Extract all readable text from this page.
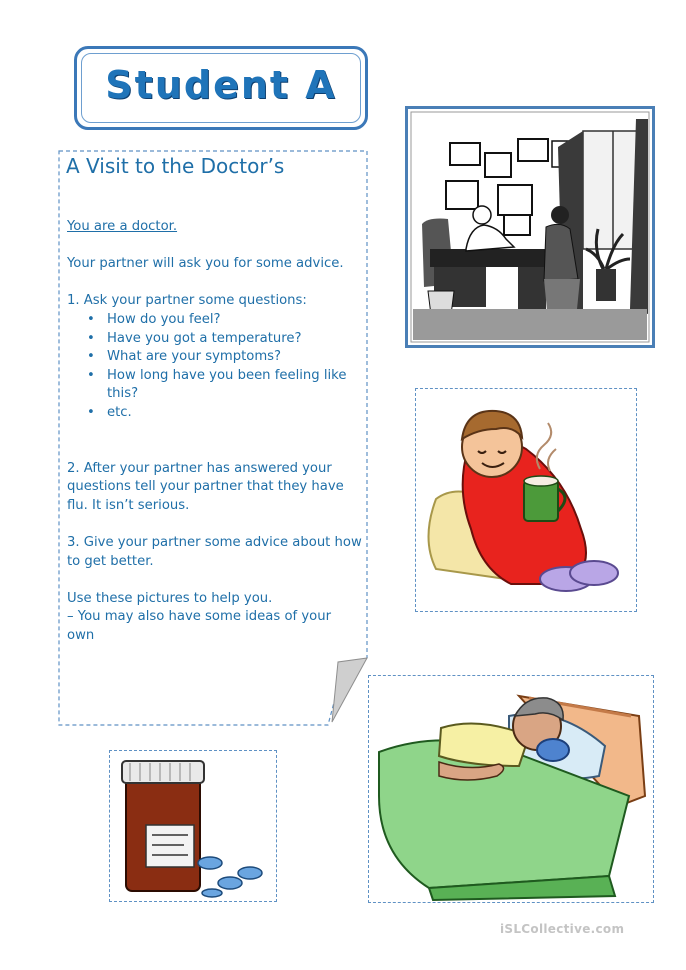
Student A
A Visit to the Doctor’s

You are a doctor.

Your partner will ask you for some advice.

1. Ask your partner some questions:

• How do you feel?
• Have you got a temperature?
• What are your symptoms?
• How long have you been feeling like this?
• etc.

2. After your partner has answered your questions tell your partner that they have flu. It isn’t serious.

3. Give your partner some advice about how to get better.

Use these pictures to help you.

– You may also have some ideas of your own

iSLCollective.com
